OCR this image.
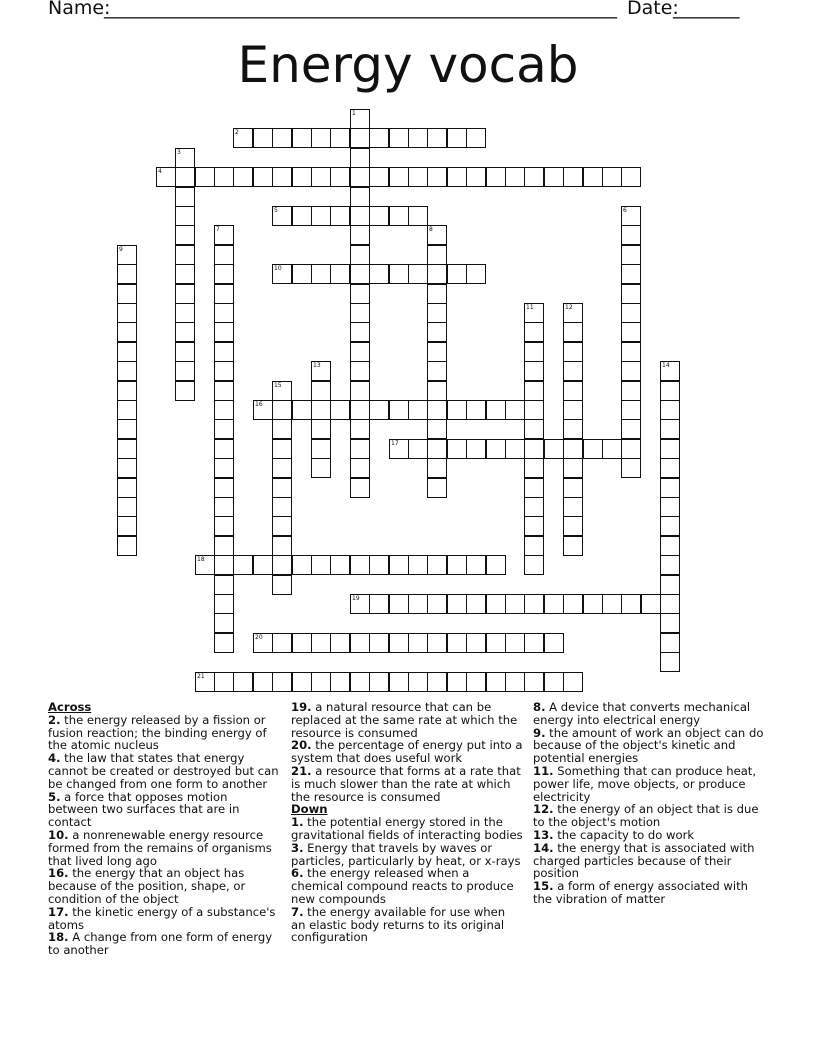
Name:
______________________________________________________ Date:
_______
Energy vocab
1
2
3
4
5	6
7	8
9
10
11	12
13	14
15
16
17
18
19
20
21
Across
2. the energy released by a fission or fusion reaction; the binding energy of the atomic nucleus
4. the law that states that energy cannot be created or destroyed but can be changed from one form to another
5. a force that opposes motion between two surfaces that are in contact
10. a nonrenewable energy resource formed from the remains of organisms that lived long ago
16. the energy that an object has because of the position, shape, or condition of the object
17. the kinetic energy of a substance's atoms
18. A change from one form of energy to another
19. a natural resource that can be replaced at the same rate at which the resource is consumed
20. the percentage of energy put into a system that does useful work
21. a resource that forms at a rate that is much slower than the rate at which the resource is consumed
Down
1. the potential energy stored in the gravitational fields of interacting bodies
3. Energy that travels by waves or particles, particularly by heat, or x-rays
6. the energy released when a chemical compound reacts to produce new compounds
7. the energy available for use when an elastic body returns to its original configuration
8. A device that converts mechanical energy into electrical energy
9. the amount of work an object can do because of the object's kinetic and potential energies
11. Something that can produce heat, power life, move objects, or produce electricity
12. the energy of an object that is due to the object's motion
13. the capacity to do work
14. the energy that is associated with charged particles because of their position
15. a form of energy associated with the vibration of matter
